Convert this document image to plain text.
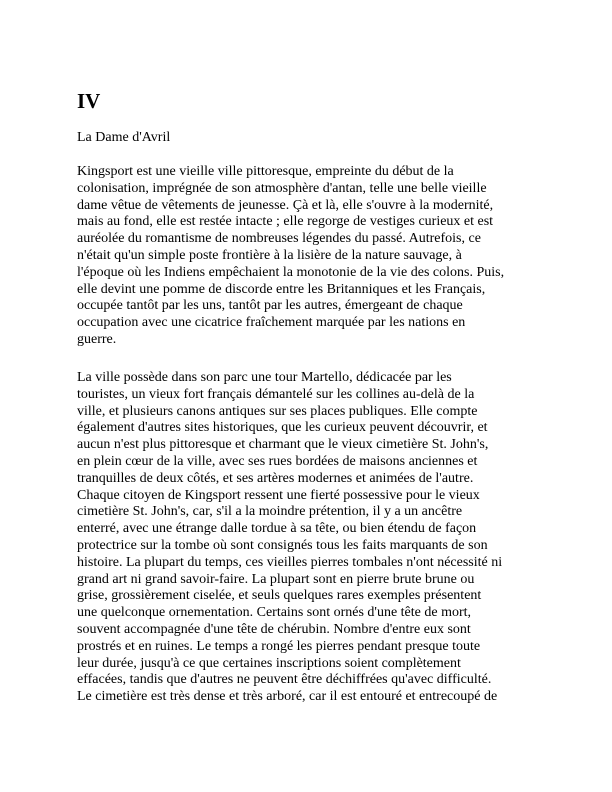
IV

La Dame d'Avril

Kingsport est une vieille ville pittoresque, empreinte du début de la
colonisation, imprégnée de son atmosphère d'antan, telle une belle vieille
dame vêtue de vêtements de jeunesse. Çà et là, elle s'ouvre à la modernité,
mais au fond, elle est restée intacte ; elle regorge de vestiges curieux et est
auréolée du romantisme de nombreuses légendes du passé. Autrefois, ce
n'était qu'un simple poste frontière à la lisière de la nature sauvage, à
l'époque où les Indiens empêchaient la monotonie de la vie des colons. Puis,
elle devint une pomme de discorde entre les Britanniques et les Français,
occupée tantôt par les uns, tantôt par les autres, émergeant de chaque
occupation avec une cicatrice fraîchement marquée par les nations en
guerre.

La ville possède dans son parc une tour Martello, dédicacée par les
touristes, un vieux fort français démantelé sur les collines au-delà de la
ville, et plusieurs canons antiques sur ses places publiques. Elle compte
également d'autres sites historiques, que les curieux peuvent découvrir, et
aucun n'est plus pittoresque et charmant que le vieux cimetière St. John's,
en plein cœur de la ville, avec ses rues bordées de maisons anciennes et
tranquilles de deux côtés, et ses artères modernes et animées de l'autre.
Chaque citoyen de Kingsport ressent une fierté possessive pour le vieux
cimetière St. John's, car, s'il a la moindre prétention, il y a un ancêtre
enterré, avec une étrange dalle tordue à sa tête, ou bien étendu de façon
protectrice sur la tombe où sont consignés tous les faits marquants de son
histoire. La plupart du temps, ces vieilles pierres tombales n'ont nécessité ni
grand art ni grand savoir-faire. La plupart sont en pierre brute brune ou
grise, grossièrement ciselée, et seuls quelques rares exemples présentent
une quelconque ornementation. Certains sont ornés d'une tête de mort,
souvent accompagnée d'une tête de chérubin. Nombre d'entre eux sont
prostrés et en ruines. Le temps a rongé les pierres pendant presque toute
leur durée, jusqu'à ce que certaines inscriptions soient complètement
effacées, tandis que d'autres ne peuvent être déchiffrées qu'avec difficulté.
Le cimetière est très dense et très arboré, car il est entouré et entrecoupé de
